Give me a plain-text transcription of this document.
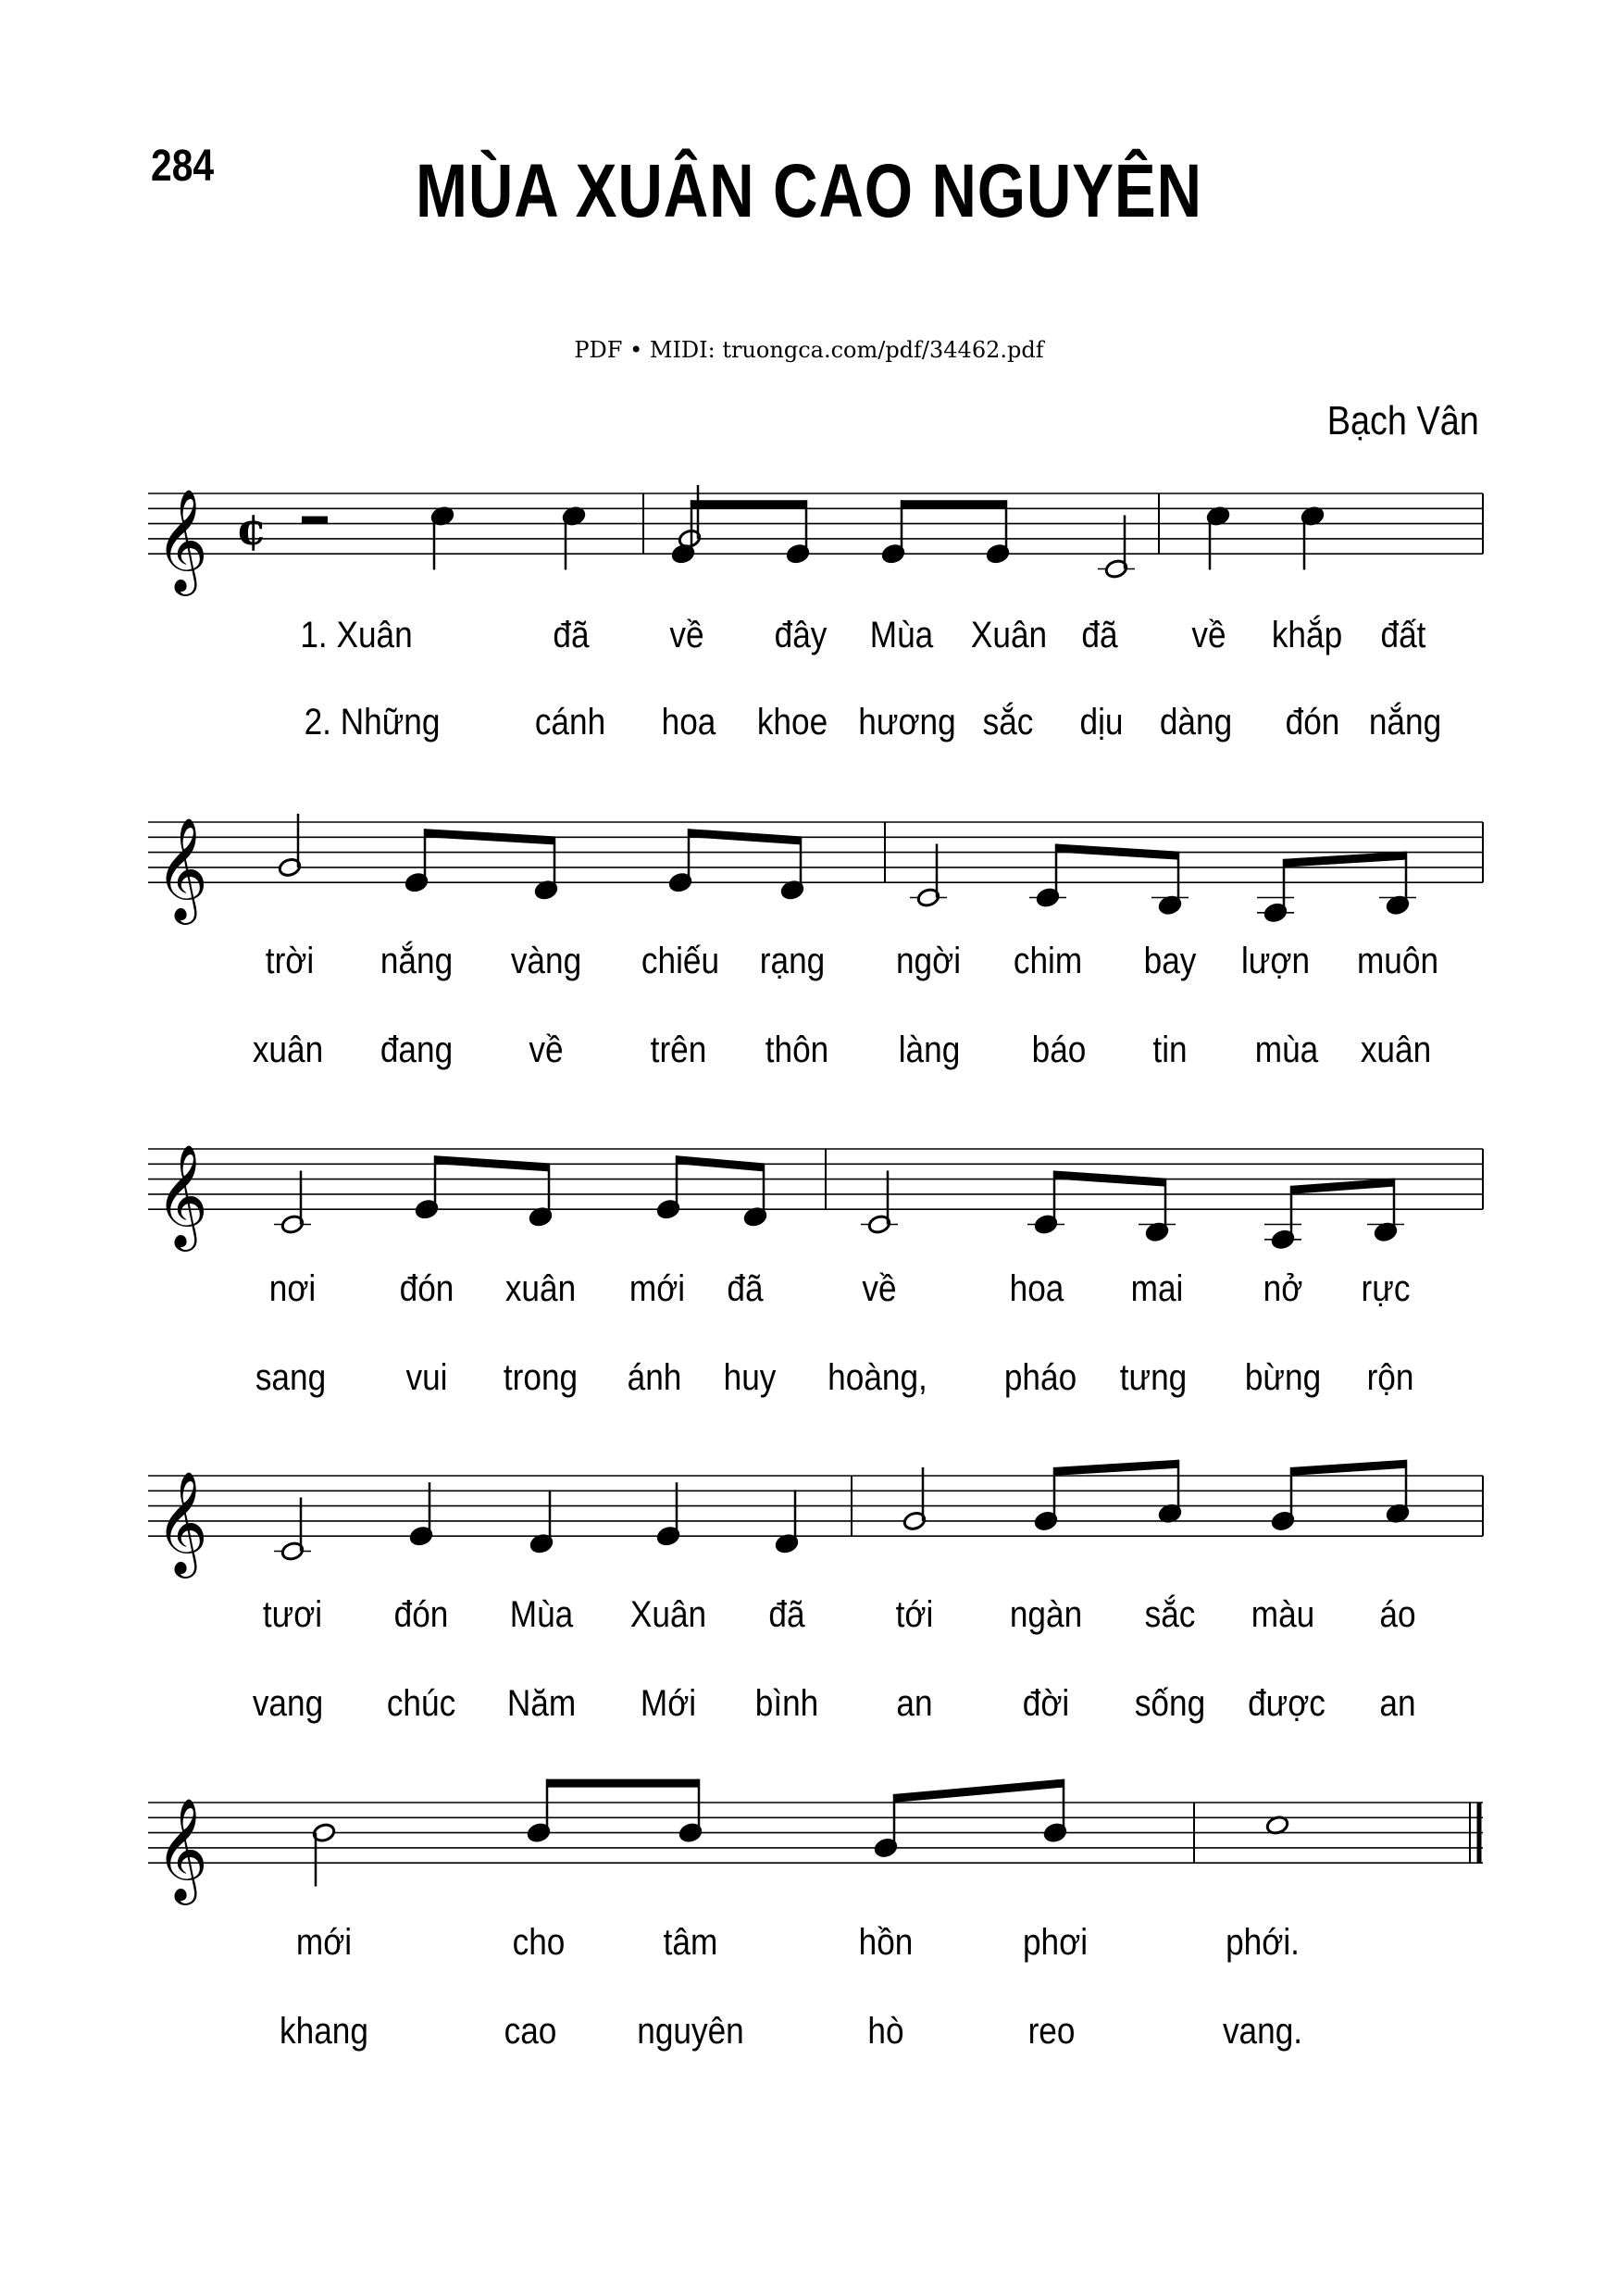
284	MÙA XUÂN CAO NGUYÊN
PDF • MIDI: truongca.com/pdf/34462.pdf
Bạch Vân
𝄞 ¢
𝄞
𝄞
𝄞
𝄞
1. Xuân	đã về đây Mùa Xuân đã về khắp đất
2. Những	cánh hoa khoe hương sắc dịu dàng đón nắng
trời nắng vàng chiếu rạng ngời chim bay lượn muôn
xuân đang về trên thôn làng báo tin mùa xuân
nơi đón xuân mới đã	về	hoa mai nở rực
sang vui trong ánh huy hoàng, pháo tưng bừng rộn
tươi đón Mùa Xuân đã tới ngàn sắc màu áo
vang chúc Năm Mới bình an đời sống được an
mới	cho	tâm	hồn	phơi	phới.
khang	cao nguyên	hò	reo	vang.
